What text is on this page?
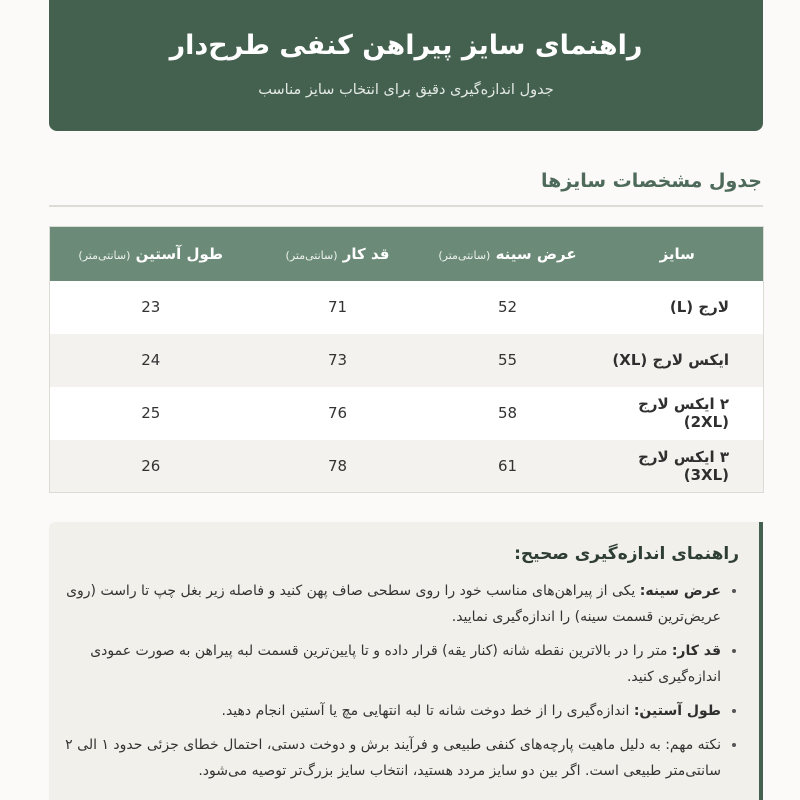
راهنمای سایز پیراهن کنفی طرح‌دار
جدول اندازه‌گیری دقیق برای انتخاب سایز مناسب
جدول مشخصات سایزها
سایز	عرض سینه (سانتی‌متر)	قد کار (سانتی‌متر)	طول آستین (سانتی‌متر)
لارج (L)	52	71	23
ایکس لارج (XL)	55	73	24
۲ ایکس لارج (2XL)	58	76	25
۳ ایکس لارج (3XL)	61	78	26
راهنمای اندازه‌گیری صحیح:
• عرض سینه: یکی از پیراهن‌های مناسب خود را روی سطحی صاف پهن کنید و فاصله زیر بغل چپ تا راست (روی عریض‌ترین قسمت سینه) را اندازه‌گیری نمایید.
• قد کار: متر را در بالاترین نقطه شانه (کنار یقه) قرار داده و تا پایین‌ترین قسمت لبه پیراهن به صورت عمودی اندازه‌گیری کنید.
• طول آستین: اندازه‌گیری را از خط دوخت شانه تا لبه انتهایی مچ یا آستین انجام دهید.
• نکته مهم: به دلیل ماهیت پارچه‌های کنفی طبیعی و فرآیند برش و دوخت دستی، احتمال خطای جزئی حدود ۱ الی ۲ سانتی‌متر طبیعی است. اگر بین دو سایز مردد هستید، انتخاب سایز بزرگ‌تر توصیه می‌شود.
